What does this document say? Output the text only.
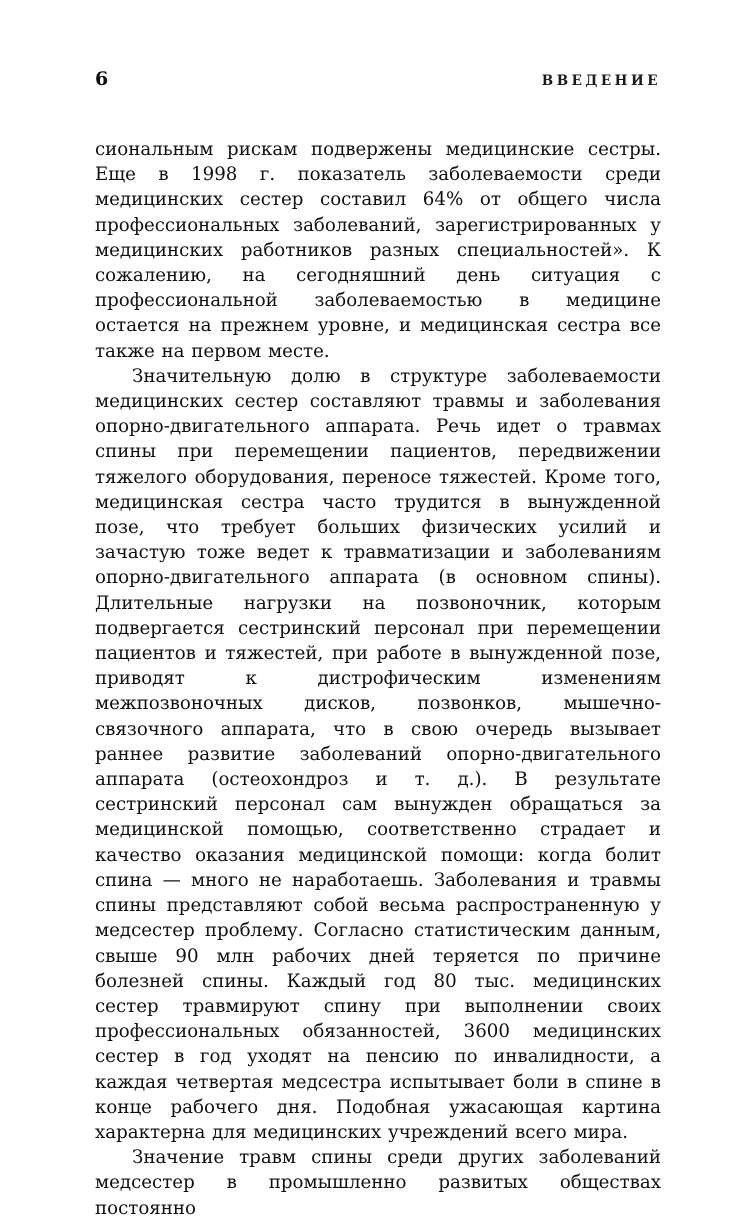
6	ВВЕДЕНИЕ

сиональным рискам подвержены медицинские сестры. Еще в 1998 г. показатель заболеваемости среди медицинских сестер составил 64% от общего числа профессиональных заболеваний, зарегистрированных у медицинских работников разных специальностей». К сожалению, на сегодняшний день ситуация с профессиональной заболеваемостью в медицине остается на прежнем уровне, и медицинская сестра все также на первом месте.

Значительную долю в структуре заболеваемости медицинских сестер составляют травмы и заболевания опорно-двигательного аппарата. Речь идет о травмах спины при перемещении пациентов, передвижении тяжелого оборудования, переносе тяжестей. Кроме того, медицинская сестра часто трудится в вынужденной позе, что требует больших физических усилий и зачастую тоже ведет к травматизации и заболеваниям опорно-двигательного аппарата (в основном спины). Длительные нагрузки на позвоночник, которым подвергается сестринский персонал при перемещении пациентов и тяжестей, при работе в вынужденной позе, приводят к дистрофическим изменениям межпозвоночных дисков, позвонков, мышечно-связочного аппарата, что в свою очередь вызывает раннее развитие заболеваний опорно-двигательного аппарата (остеохондроз и т. д.). В результате сестринский персонал сам вынужден обращаться за медицинской помощью, соответственно страдает и качество оказания медицинской помощи: когда болит спина — много не наработаешь. Заболевания и травмы спины представляют собой весьма распространенную у медсестер проблему. Согласно статистическим данным, свыше 90 млн рабочих дней теряется по причине болезней спины. Каждый год 80 тыс. медицинских сестер травмируют спину при выполнении своих профессиональных обязанностей, 3600 медицинских сестер в год уходят на пенсию по инвалидности, а каждая четвертая медсестра испытывает боли в спине в конце рабочего дня. Подобная ужасающая картина характерна для медицинских учреждений всего мира.

Значение травм спины среди других заболеваний медсестер в промышленно развитых обществах постоянно
